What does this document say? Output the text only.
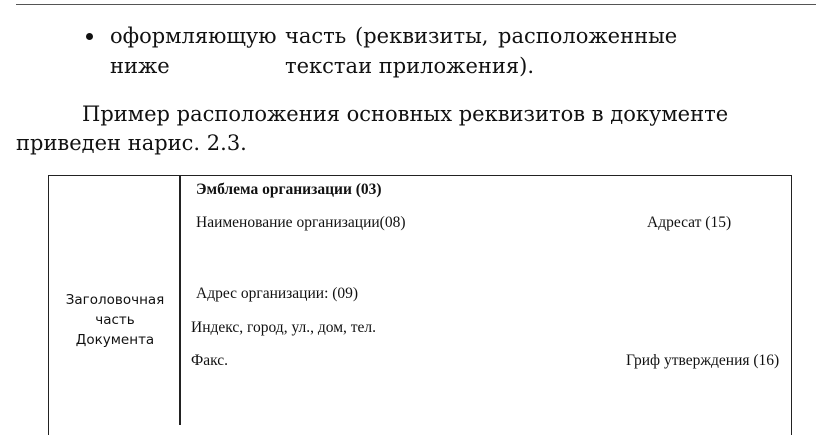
оформляющую часть (реквизиты, расположенные
ниже	текстаи приложения).
Пример расположения основных реквизитов в документе
приведен нарис. 2.3.
Заголовочная
часть
Документа
Эмблема организации (03)
Наименование организации(08)	Адресат (15)
Адрес организации: (09)
Индекс, город, ул., дом, тел.
Факс.	Гриф утверждения (16)
